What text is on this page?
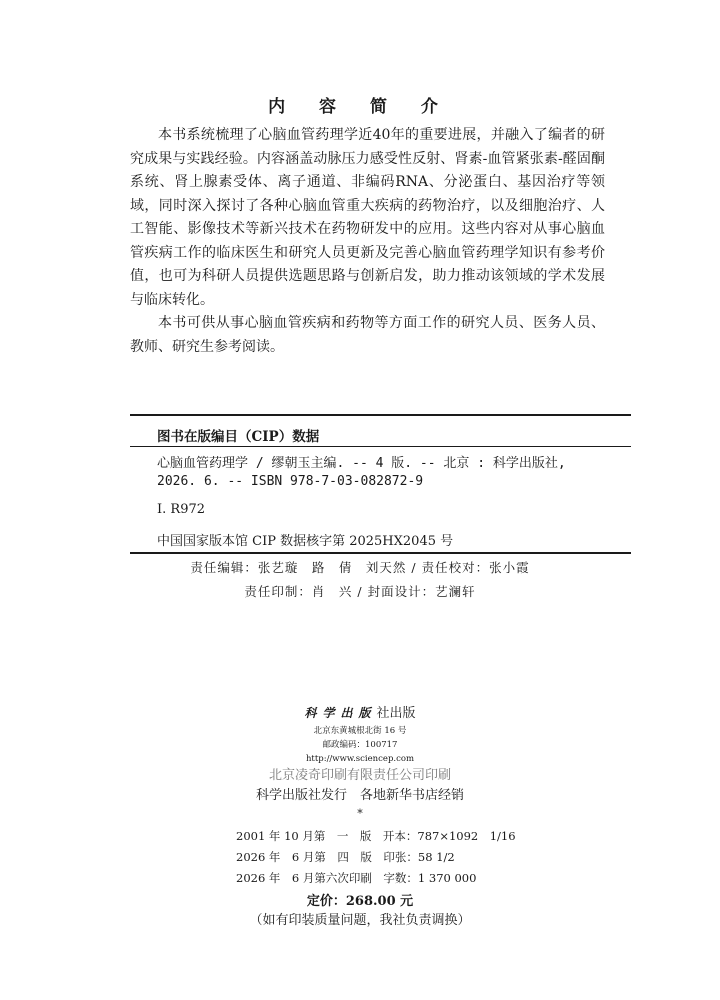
内 容 简 介

本书系统梳理了心脑血管药理学近40年的重要进展，并融入了编者的研究成果与实践经验。内容涵盖动脉压力感受性反射、肾素-血管紧张素-醛固酮系统、肾上腺素受体、离子通道、非编码RNA、分泌蛋白、基因治疗等领域，同时深入探讨了各种心脑血管重大疾病的药物治疗，以及细胞治疗、人工智能、影像技术等新兴技术在药物研发中的应用。这些内容对从事心脑血管疾病工作的临床医生和研究人员更新及完善心脑血管药理学知识有参考价值，也可为科研人员提供选题思路与创新启发，助力推动该领域的学术发展与临床转化。

本书可供从事心脑血管疾病和药物等方面工作的研究人员、医务人员、教师、研究生参考阅读。

图书在版编目（CIP）数据
心脑血管药理学 / 缪朝玉主编. -- 4 版. -- 北京 : 科学出版社,
2026. 6. -- ISBN 978-7-03-082872-9
Ⅰ. R972
中国国家版本馆 CIP 数据核字第 2025HX2045 号
责任编辑：张艺璇　路　倩　刘天然 / 责任校对：张小霞
责任印制：肖　兴 / 封面设计：艺澜轩
科学出版社出版
北京东黄城根北街 16 号
邮政编码：100717
http://www.sciencep.com
北京凌奇印刷有限责任公司印刷
科学出版社发行　各地新华书店经销
*
2001 年 10 月第　一　版　 开本：787×1092　1/16
2026 年　6 月第　四　版　 印张：58 1/2
2026 年　6 月第六次印刷　 字数：1 370 000
定价：268.00 元
（如有印装质量问题，我社负责调换）
